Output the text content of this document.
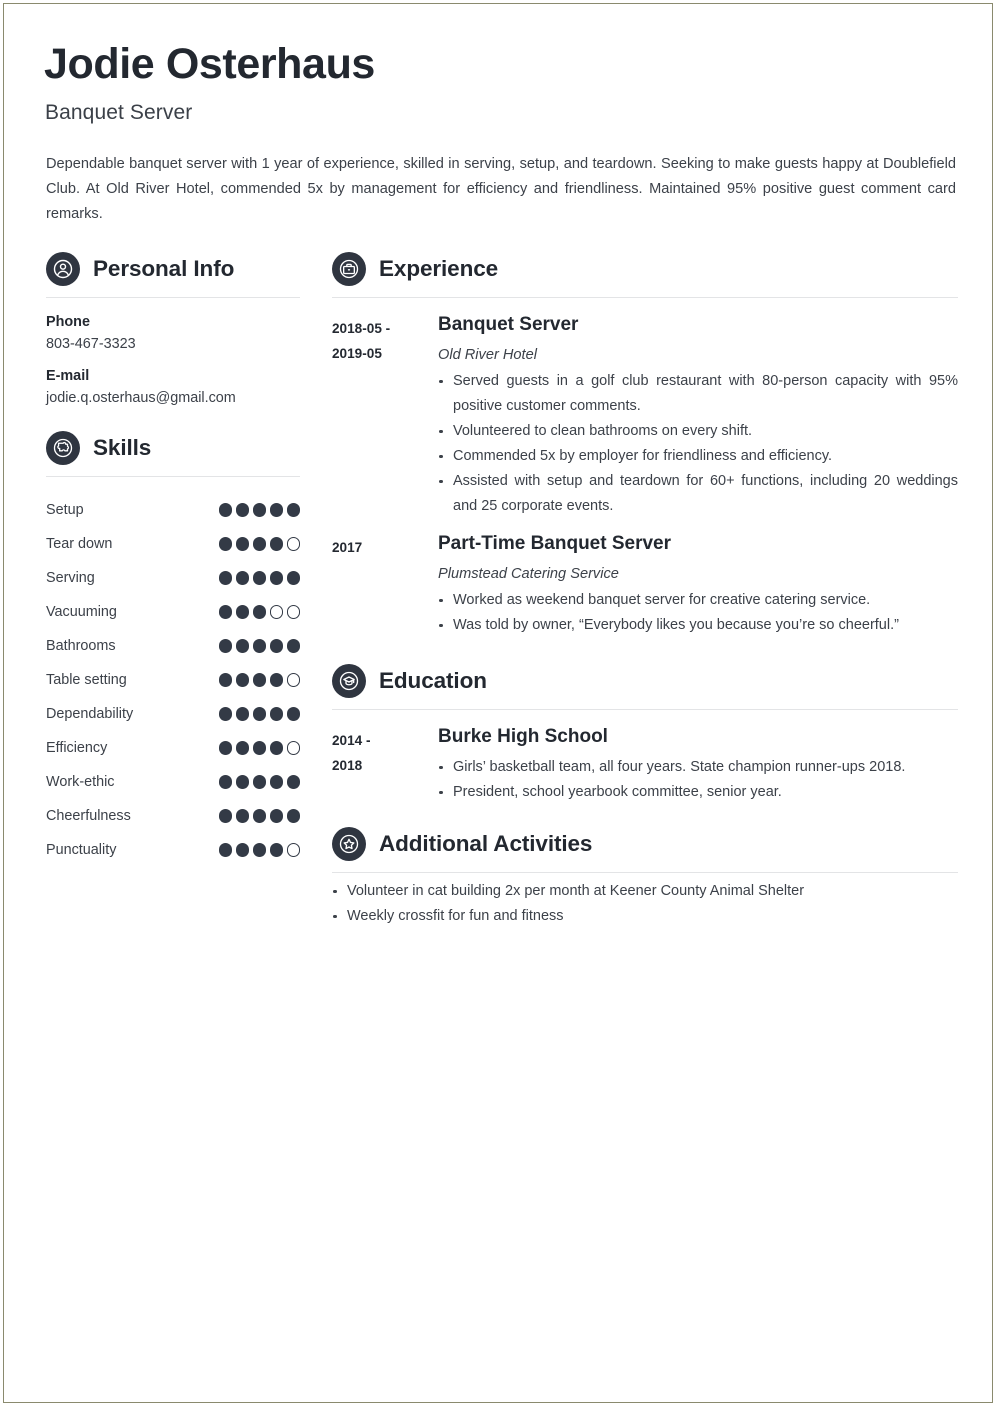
Jodie Osterhaus
Banquet Server

Dependable banquet server with 1 year of experience, skilled in serving, setup, and teardown. Seeking to make guests happy at Doublefield Club. At Old River Hotel, commended 5x by management for efficiency and friendliness. Maintained 95% positive guest comment card remarks.

Personal Info
Phone
803-467-3323
E-mail
jodie.q.osterhaus@gmail.com
Skills
Setup
Tear down
Serving
Vacuuming
Bathrooms
Table setting
Dependability
Efficiency
Work-ethic
Cheerfulness
Punctuality
Experience
2018-05 -
2019-05
Banquet Server
Old River Hotel
Served guests in a golf club restaurant with 80-person capacity with 95% positive customer comments.
Volunteered to clean bathrooms on every shift.
Commended 5x by employer for friendliness and efficiency.
Assisted with setup and teardown for 60+ functions, including 20 weddings and 25 corporate events.
2017	Part-Time Banquet Server
Plumstead Catering Service
Worked as weekend banquet server for creative catering service.
Was told by owner, “Everybody likes you because you’re so cheerful.”
Education
2014 -
2018
Burke High School
Girls’ basketball team, all four years. State champion runner-ups 2018.
President, school yearbook committee, senior year.
Additional Activities
Volunteer in cat building 2x per month at Keener County Animal Shelter
Weekly crossfit for fun and fitness
